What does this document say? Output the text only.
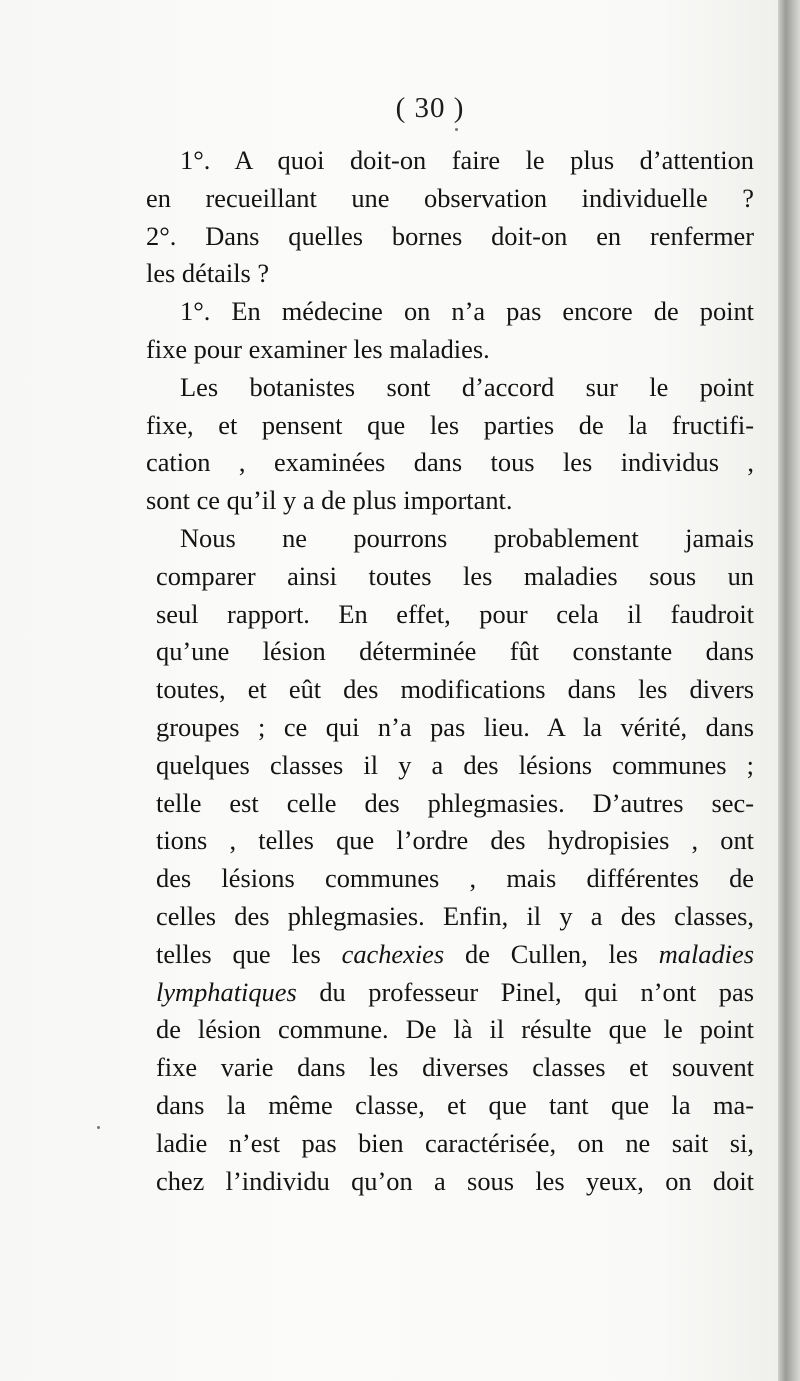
( 30 )
1°. A quoi doit-on faire le plus d’attention
en recueillant une observation individuelle ?
2°. Dans quelles bornes doit-on en renfermer
les détails ?
1°. En médecine on n’a pas encore de point
fixe pour examiner les maladies.
Les botanistes sont d’accord sur le point
fixe, et pensent que les parties de la fructifi-
cation , examinées dans tous les individus ,
sont ce qu’il y a de plus important.
Nous ne pourrons probablement jamais
comparer ainsi toutes les maladies sous un
seul rapport. En effet, pour cela il faudroit
qu’une lésion déterminée fût constante dans
toutes, et eût des modifications dans les divers
groupes ; ce qui n’a pas lieu. A la vérité, dans
quelques classes il y a des lésions communes ;
telle est celle des phlegmasies. D’autres sec-
tions , telles que l’ordre des hydropisies , ont
des lésions communes , mais différentes de
celles des phlegmasies. Enfin, il y a des classes,
telles que les cachexies de Cullen, les maladies
lymphatiques du professeur Pinel, qui n’ont pas
de lésion commune. De là il résulte que le point
fixe varie dans les diverses classes et souvent
dans la même classe, et que tant que la ma-
ladie n’est pas bien caractérisée, on ne sait si,
chez l’individu qu’on a sous les yeux, on doit
